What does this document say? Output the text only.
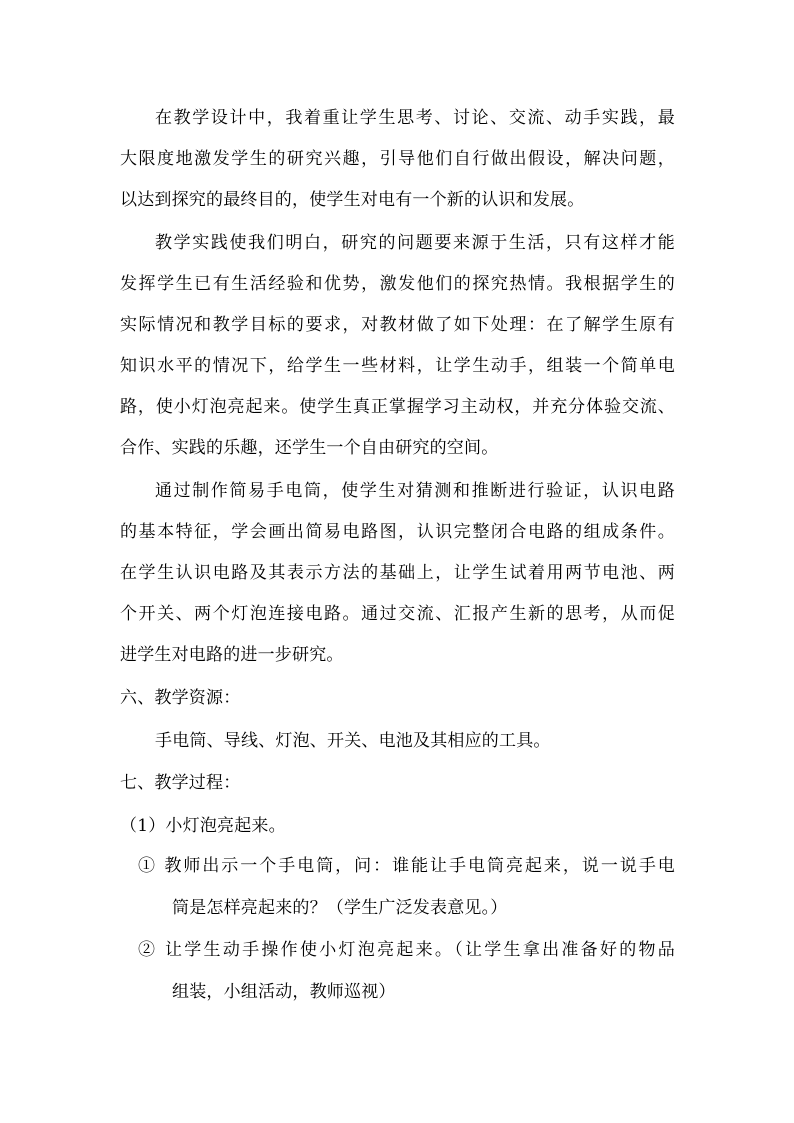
在教学设计中，我着重让学生思考、讨论、交流、动手实践，最
大限度地激发学生的研究兴趣，引导他们自行做出假设，解决问题，
以达到探究的最终目的，使学生对电有一个新的认识和发展。
教学实践使我们明白，研究的问题要来源于生活，只有这样才能
发挥学生已有生活经验和优势，激发他们的探究热情。我根据学生的
实际情况和教学目标的要求，对教材做了如下处理：在了解学生原有
知识水平的情况下，给学生一些材料，让学生动手，组装一个简单电
路，使小灯泡亮起来。使学生真正掌握学习主动权，并充分体验交流、
合作、实践的乐趣，还学生一个自由研究的空间。
通过制作简易手电筒，使学生对猜测和推断进行验证，认识电路
的基本特征，学会画出简易电路图，认识完整闭合电路的组成条件。
在学生认识电路及其表示方法的基础上，让学生试着用两节电池、两
个开关、两个灯泡连接电路。通过交流、汇报产生新的思考，从而促
进学生对电路的进一步研究。
六、教学资源：
手电筒、导线、灯泡、开关、电池及其相应的工具。
七、教学过程：
（1）小灯泡亮起来。
① 教师出示一个手电筒，问：谁能让手电筒亮起来，说一说手电
筒是怎样亮起来的？（学生广泛发表意见。）
② 让学生动手操作使小灯泡亮起来。（让学生拿出准备好的物品
组装，小组活动，教师巡视）
